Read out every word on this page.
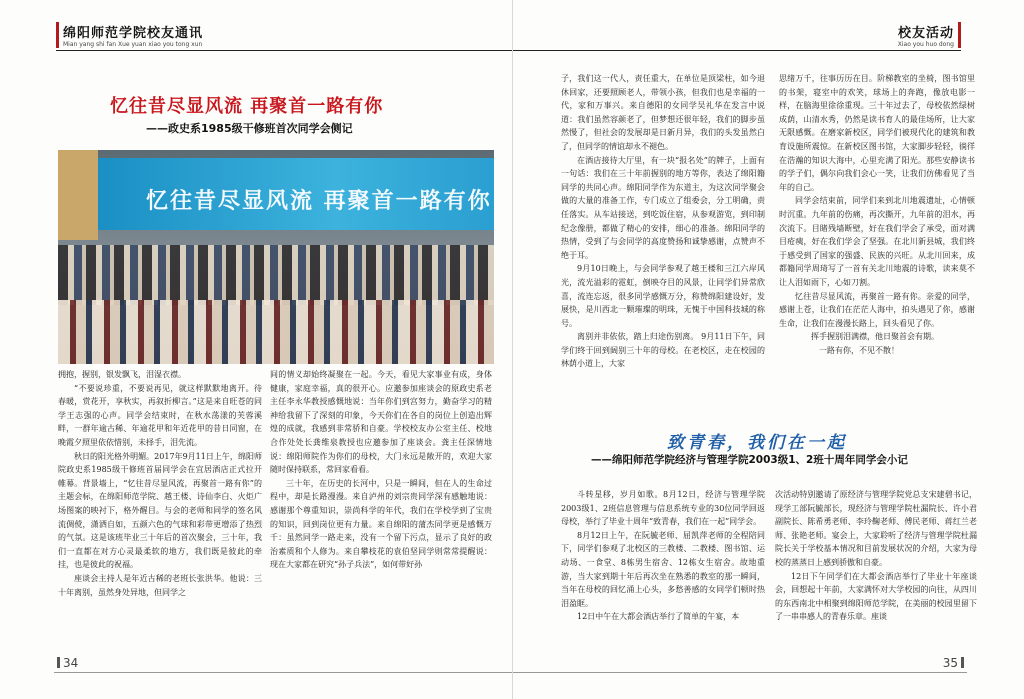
绵阳师范学院校友通讯
Mian yang shi fan Xue yuan xiao you tong xun
忆往昔尽显风流 再聚首一路有你
——政史系1985级干修班首次同学会侧记
忆往昔尽显风流 再聚首一路有你

拥抱，握别，银发飘飞，泪湿衣襟。

“不要说珍重，不要说再见，就这样默默地离开。待春暖，赏花开，享秋实，再叙折柳言。”这是来自旺苍的同学王志强的心声。同学会结束时，在秋水荡漾的芙蓉溪畔，一群年逾古稀、年逾花甲和年近花甲的昔日同窗，在晚霞夕照里依依惜别，未择手，泪先流。

秋日的阳光格外明媚。2017年9月11日上午，绵阳师院政史系1985级干修班首届同学会在宜居酒店正式拉开帷幕。背景墙上，“忆往昔尽显风流，再聚首一路有你”的主题会标，在绵阳师范学院、越王楼、诗仙李白、火炬广场图案的映衬下，格外醒目。与会的老师和同学的签名风流倜傥，潇洒自如，五颜六色的气球和彩带更增添了热烈的气氛。这是该班毕业三十年后的首次聚会，三十年，我们一直都在对方心灵最柔软的地方，我们既是彼此的牵挂，也是彼此的祝福。

座谈会主持人是年近古稀的老班长张洪华。他说：三十年离别，虽然身处异地，但同学之

间的情义却始终凝聚在一起。今天，看见大家事业有成，身体健康，家庭幸福，真的很开心。应邀参加座谈会的原政史系老主任李永华教授感慨地说：当年你们到宫努力，勤奋学习的精神给我留下了深刻的印象，今天你们在各自的岗位上创造出辉煌的成就，我感到非常骄和自豪。学校校友办公室主任、校地合作处处长龚维泉教授也应邀参加了座谈会。龚主任深情地说：绵阳师院作为你们的母校，大门永远是敞开的，欢迎大家随时保持联系，常回家看看。

三十年，在历史的长河中，只是一瞬间，但在人的生命过程中，却是长路漫漫。来自泸州的刘宗贵同学深有感触地说：感谢那个尊重知识，崇尚科学的年代，我们在学校学到了宝贵的知识，回到岗位更有力量。来自绵阳的蒲杰同学更是感慨万千：虽然同学一路走来，没有一个留下污点，显示了良好的政治素质和个人修为。来自攀枝花的袁伯坚同学则常常提醒说：现在大家都在研究“孙子兵法”，如何带好孙

34
校友活动
Xiao you huo dong

子，我们这一代人，责任重大，在单位是顶梁柱，如今退休回家，还要照顾老人，带领小孩，但我们也是幸福的一代，家和万事兴。来自德阳的女同学吴礼华在发言中说道：我们虽然容颜老了，但梦想还很年轻，我们的脚步虽然慢了，但社会的发展却是日新月异，我们的头发虽然白了，但同学的情谊却永不褪色。

在酒店接待大厅里，有一块“报名处”的牌子，上面有一句话：我们在三十年前握别的地方等你，表达了绵阳籍同学的共同心声。绵阳同学作为东道主，为这次同学聚会做的大量的准备工作，专门成立了组委会，分工明确，责任落实。从车站接送，到吃饭住宿，从参观游览，到印制纪念像册，都做了精心的安排，细心的准备。绵阳同学的热情，受到了与会同学的高度赞扬和诚挚感谢，点赞声不绝于耳。

9月10日晚上，与会同学参观了越王楼和三江六岸风光，流光溢彩的霓虹，倒映夺目的风景，让同学们异常欣喜，流连忘返，很多同学感慨万分，称赞绵阳建设好，发展快，是川西北一颗璀璨的明珠，无愧于中国科技城的称号。

离别并非依依，踏上归途伤别离。 9月11日下午，同学们终于回到阔别三十年的母校。在老校区，走在校园的林荫小道上，大家

思绪万千，往事历历在目。阶梯教室的坐椅，图书馆里的书架，寝室中的欢笑，球场上的奔跑，像放电影一样，在脑海里徐徐重现。三十年过去了，母校依然绿树成荫，山清水秀，仍然是读书育人的最佳场所，让大家无限感慨。在磨家新校区，同学们被现代化的建筑和教育设施所震惊。在新校区图书馆，大家脚步轻轻，徜徉在浩瀚的知识大海中，心里充满了阳光。那些安静读书的学子们，偶尔向我们会心一笑，让我们仿佛看见了当年的自己。

同学会结束前，同学们来到北川地震遗址，心情顿时沉重。九年前的伤痛，再次撕开，九年前的泪水，再次流下。目睹残墙断壁，好在我们学会了承受，面对满目疮痍，好在我们学会了坚强。在北川新县城，我们终于感受到了国家的强盛、民族的兴旺。从北川回来，成都籍同学周琦写了一首有关北川地震的诗歌，读来莫不让人泪如雨下，心如刀割。

忆往昔尽显风流，再聚首一路有你。亲爱的同学，感谢上苍，让我们在茫茫人海中，拍头遇见了你，感谢生命，让我们在漫漫长路上，回头看见了你。

挥手握别泪满襟，他日聚首会有期。

一路有你，不见不散！

致青春，我们在一起
——绵阳师范学院经济与管理学院2003级1、2班十周年同学会小记

斗转星移，岁月如歌。8月12日，经济与管理学院2003级1、2班信息管理与信息系统专业的30位同学回返母校，举行了毕业十周年“致青春，我们在一起”同学会。

8月12日上午，在阮毓老师、屈凯萍老师的全程陪同下，同学们参观了北校区的三教楼、二教楼、图书馆、运动场、一食堂、8栋男生宿舍、12栋女生宿舍。故地重游，当大家到期十年后再次坐在熟悉的教室的那一瞬间，当年在母校的回忆涌上心头，多愁善感的女同学们顿时热泪盈眶。

12日中午在大都会酒店举行了简单的午宴，本

次活动特别邀请了原经济与管理学院党总支宋建碧书记，现学工部阮毓部长，现经济与管理学院杜漏院长、许小君副院长、陈希勇老师、李玲鞠老师、傅民老师、蒋红兰老师、张艳老师。宴会上，大家聆听了经济与管理学院杜漏院长关于学校基本情况和目前发展状况的介绍，大家为母校的蒸蒸日上感到骄傲和自豪。

12日下午同学们在大都会酒店举行了毕业十年座谈会，回想起十年前，大家满怀对大学校园的向往，从四川的东西南北中相聚到绵阳师范学院，在美丽的校园里留下了一串串感人的青春乐章。座谈

35
